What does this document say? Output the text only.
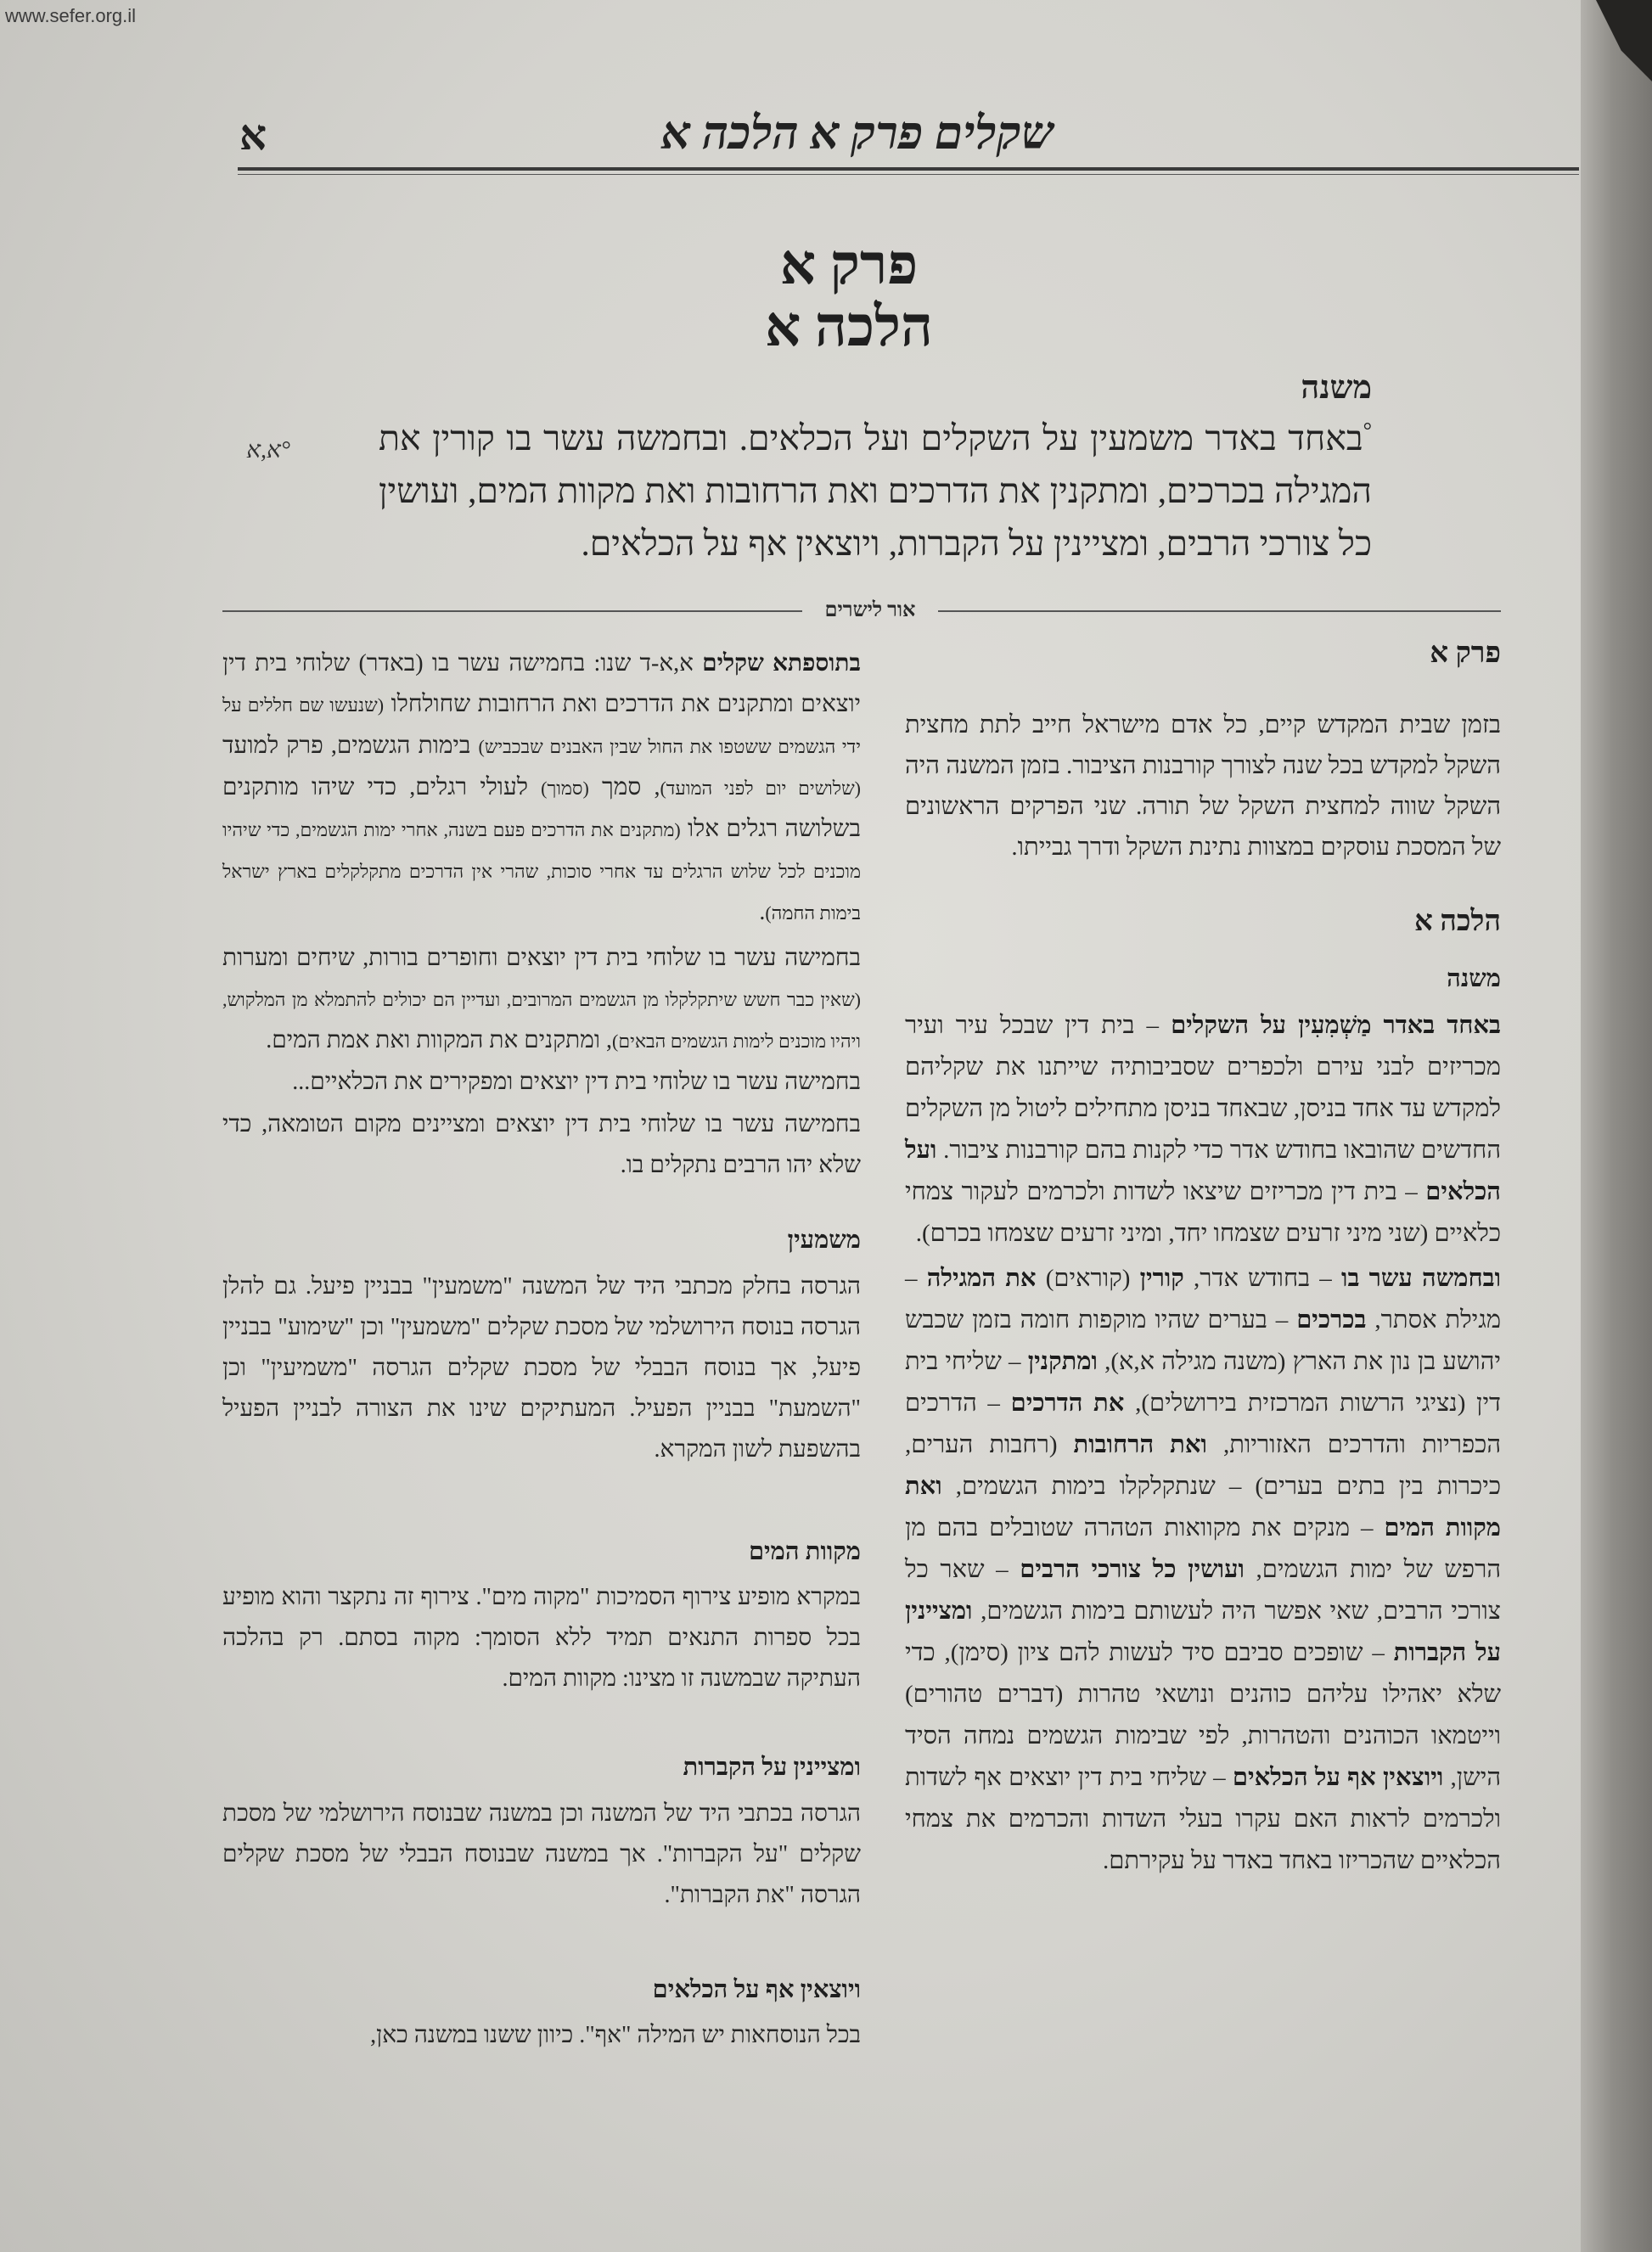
www.sefer.org.il
שקלים פרק א הלכה א
א
פרק א
הלכה א
משנה
°באחד באדר משמעין על השקלים ועל הכלאים. ובחמשה עשר בו קורין את המגילה בכרכים, ומתקנין את הדרכים ואת הרחובות ואת מקוות המים, ועושין כל צורכי הרבים, ומציינין על הקברות, ויוצאין אף על הכלאים.
°א,א
אור לישרים

פרק א

בזמן שבית המקדש קיים, כל אדם מישראל חייב לתת מחצית השקל למקדש בכל שנה לצורך קורבנות הציבור. בזמן המשנה היה השקל שווה למחצית השקל של תורה. שני הפרקים הראשונים של המסכת עוסקים במצוות נתינת השקל ודרך גבייתו.

הלכה א

משנה

באחד באדר מַשְׁמִעִין על השקלים – בית דין שבכל עיר ועיר מכריזים לבני עירם ולכפרים שסביבותיה שייתנו את שקליהם למקדש עד אחד בניסן, שבאחד בניסן מתחילים ליטול מן השקלים החדשים שהובאו בחודש אדר כדי לקנות בהם קורבנות ציבור. ועל הכלאים – בית דין מכריזים שיצאו לשדות ולכרמים לעקור צמחי כלאיים (שני מיני זרעים שצמחו יחד, ומיני זרעים שצמחו בכרם).

ובחמשה עשר בו – בחודש אדר, קורין (קוראים) את המגילה – מגילת אסתר, בכרכים – בערים שהיו מוקפות חומה בזמן שכבש יהושע בן נון את הארץ (משנה מגילה א,א), ומתקנין – שליחי בית דין (נציגי הרשות המרכזית בירושלים), את הדרכים – הדרכים הכפריות והדרכים האזוריות, ואת הרחובות (רחבות הערים, כיכרות בין בתים בערים) – שנתקלקלו בימות הגשמים, ואת מקוות המים – מנקים את מקוואות הטהרה שטובלים בהם מן הרפש של ימות הגשמים, ועושין כל צורכי הרבים – שאר כל צורכי הרבים, שאי אפשר היה לעשותם בימות הגשמים, ומציינין על הקברות – שופכים סביבם סיד לעשות להם ציון (סימן), כדי שלא יאהילו עליהם כוהנים ונושאי טהרות (דברים טהורים) וייטמאו הכוהנים והטהרות, לפי שבימות הגשמים נמחה הסיד הישן, ויוצאין אף על הכלאים – שליחי בית דין יוצאים אף לשדות ולכרמים לראות האם עקרו בעלי השדות והכרמים את צמחי הכלאיים שהכריזו באחד באדר על עקירתם.

בתוספתא שקלים א,א-ד שנו: בחמישה עשר בו (באדר) שלוחי בית דין יוצאים ומתקנים את הדרכים ואת הרחובות שחולחלו (שנעשו שם חללים על ידי הגשמים ששטפו את החול שבין האבנים שבכביש) בימות הגשמים, פרק למועד (שלושים יום לפני המועד), סמך (סמוך) לעולי רגלים, כדי שיהו מותקנים בשלושה רגלים אלו (מתקנים את הדרכים פעם בשנה, אחרי ימות הגשמים, כדי שיהיו מוכנים לכל שלוש הרגלים עד אחרי סוכות, שהרי אין הדרכים מתקלקלים בארץ ישראל בימות החמה).

בחמישה עשר בו שלוחי בית דין יוצאים וחופרים בורות, שיחים ומערות (שאין כבר חשש שיתקלקלו מן הגשמים המרובים, ועדיין הם יכולים להתמלא מן המלקוש, ויהיו מוכנים לימות הגשמים הבאים), ומתקנים את המקוות ואת אמת המים.

בחמישה עשר בו שלוחי בית דין יוצאים ומפקירים את הכלאיים...

בחמישה עשר בו שלוחי בית דין יוצאים ומציינים מקום הטומאה, כדי שלא יהו הרבים נתקלים בו.

משמעין

הגרסה בחלק מכתבי היד של המשנה "משמעין" בבניין פיעל. גם להלן הגרסה בנוסח הירושלמי של מסכת שקלים "משמעין" וכן "שימוע" בבניין פיעל, אך בנוסח הבבלי של מסכת שקלים הגרסה "משמיעין" וכן "השמעת" בבניין הפעיל. המעתיקים שינו את הצורה לבניין הפעיל בהשפעת לשון המקרא.

מקוות המים

במקרא מופיע צירוף הסמיכות "מקוה מים". צירוף זה נתקצר והוא מופיע בכל ספרות התנאים תמיד ללא הסומך: מקוה בסתם. רק בהלכה העתיקה שבמשנה זו מצינו: מקוות המים.

ומציינין על הקברות

הגרסה בכתבי היד של המשנה וכן במשנה שבנוסח הירושלמי של מסכת שקלים "על הקברות". אך במשנה שבנוסח הבבלי של מסכת שקלים הגרסה "את הקברות".

ויוצאין אף על הכלאים

בכל הנוסחאות יש המילה "אף". כיוון ששנו במשנה כאן,
